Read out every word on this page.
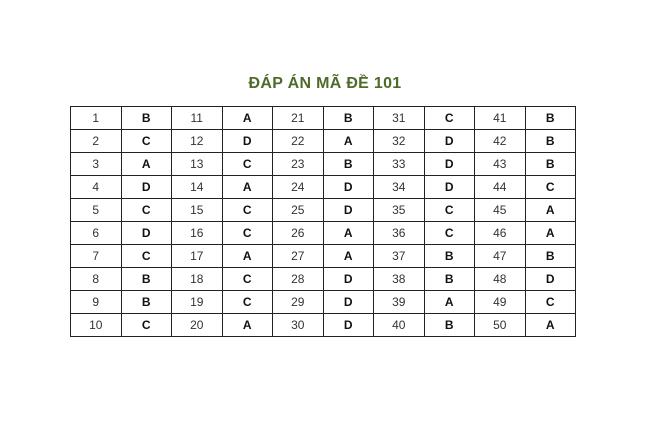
ĐÁP ÁN MÃ ĐỀ 101
1	B	11	A	21	B	31	C	41	B
2	C	12	D	22	A	32	D	42	B
3	A	13	C	23	B	33	D	43	B
4	D	14	A	24	D	34	D	44	C
5	C	15	C	25	D	35	C	45	A
6	D	16	C	26	A	36	C	46	A
7	C	17	A	27	A	37	B	47	B
8	B	18	C	28	D	38	B	48	D
9	B	19	C	29	D	39	A	49	C
10	C	20	A	30	D	40	B	50	A
